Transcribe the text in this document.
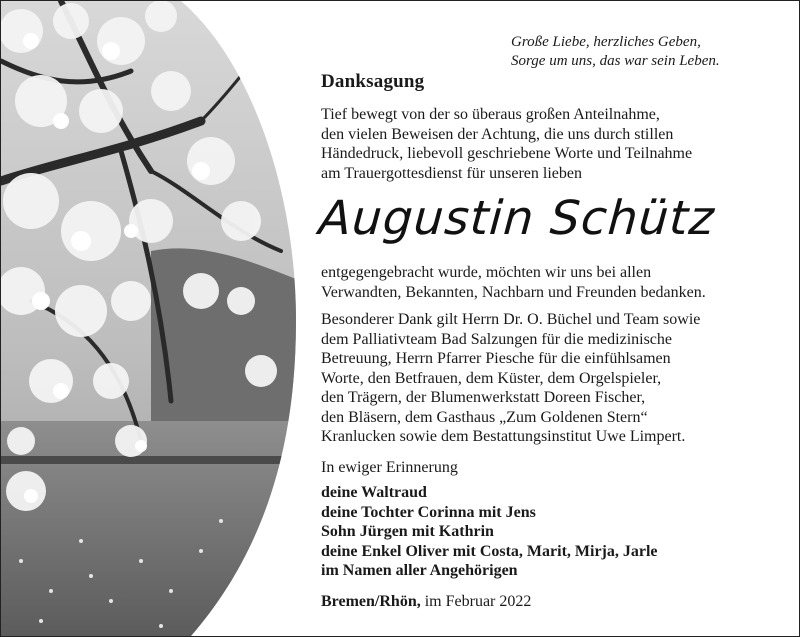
Große Liebe, herzliches Geben,
Sorge um uns, das war sein Leben.
Danksagung
Tief bewegt von der so überaus großen Anteilnahme,
den vielen Beweisen der Achtung, die uns durch stillen
Händedruck, liebevoll geschriebene Worte und Teilnahme
am Trauergottesdienst für unseren lieben
Augustin Schütz
entgegengebracht wurde, möchten wir uns bei allen
Verwandten, Bekannten, Nachbarn und Freunden bedanken.
Besonderer Dank gilt Herrn Dr. O. Büchel und Team sowie
dem Palliativteam Bad Salzungen für die medizinische
Betreuung, Herrn Pfarrer Piesche für die einfühlsamen
Worte, den Betfrauen, dem Küster, dem Orgelspieler,
den Trägern, der Blumenwerkstatt Doreen Fischer,
den Bläsern, dem Gasthaus „Zum Goldenen Stern“
Kranlucken sowie dem Bestattungsinstitut Uwe Limpert.
In ewiger Erinnerung
deine Waltraud
deine Tochter Corinna mit Jens
Sohn Jürgen mit Kathrin
deine Enkel Oliver mit Costa, Marit, Mirja, Jarle
im Namen aller Angehörigen
Bremen/Rhön, im Februar 2022
